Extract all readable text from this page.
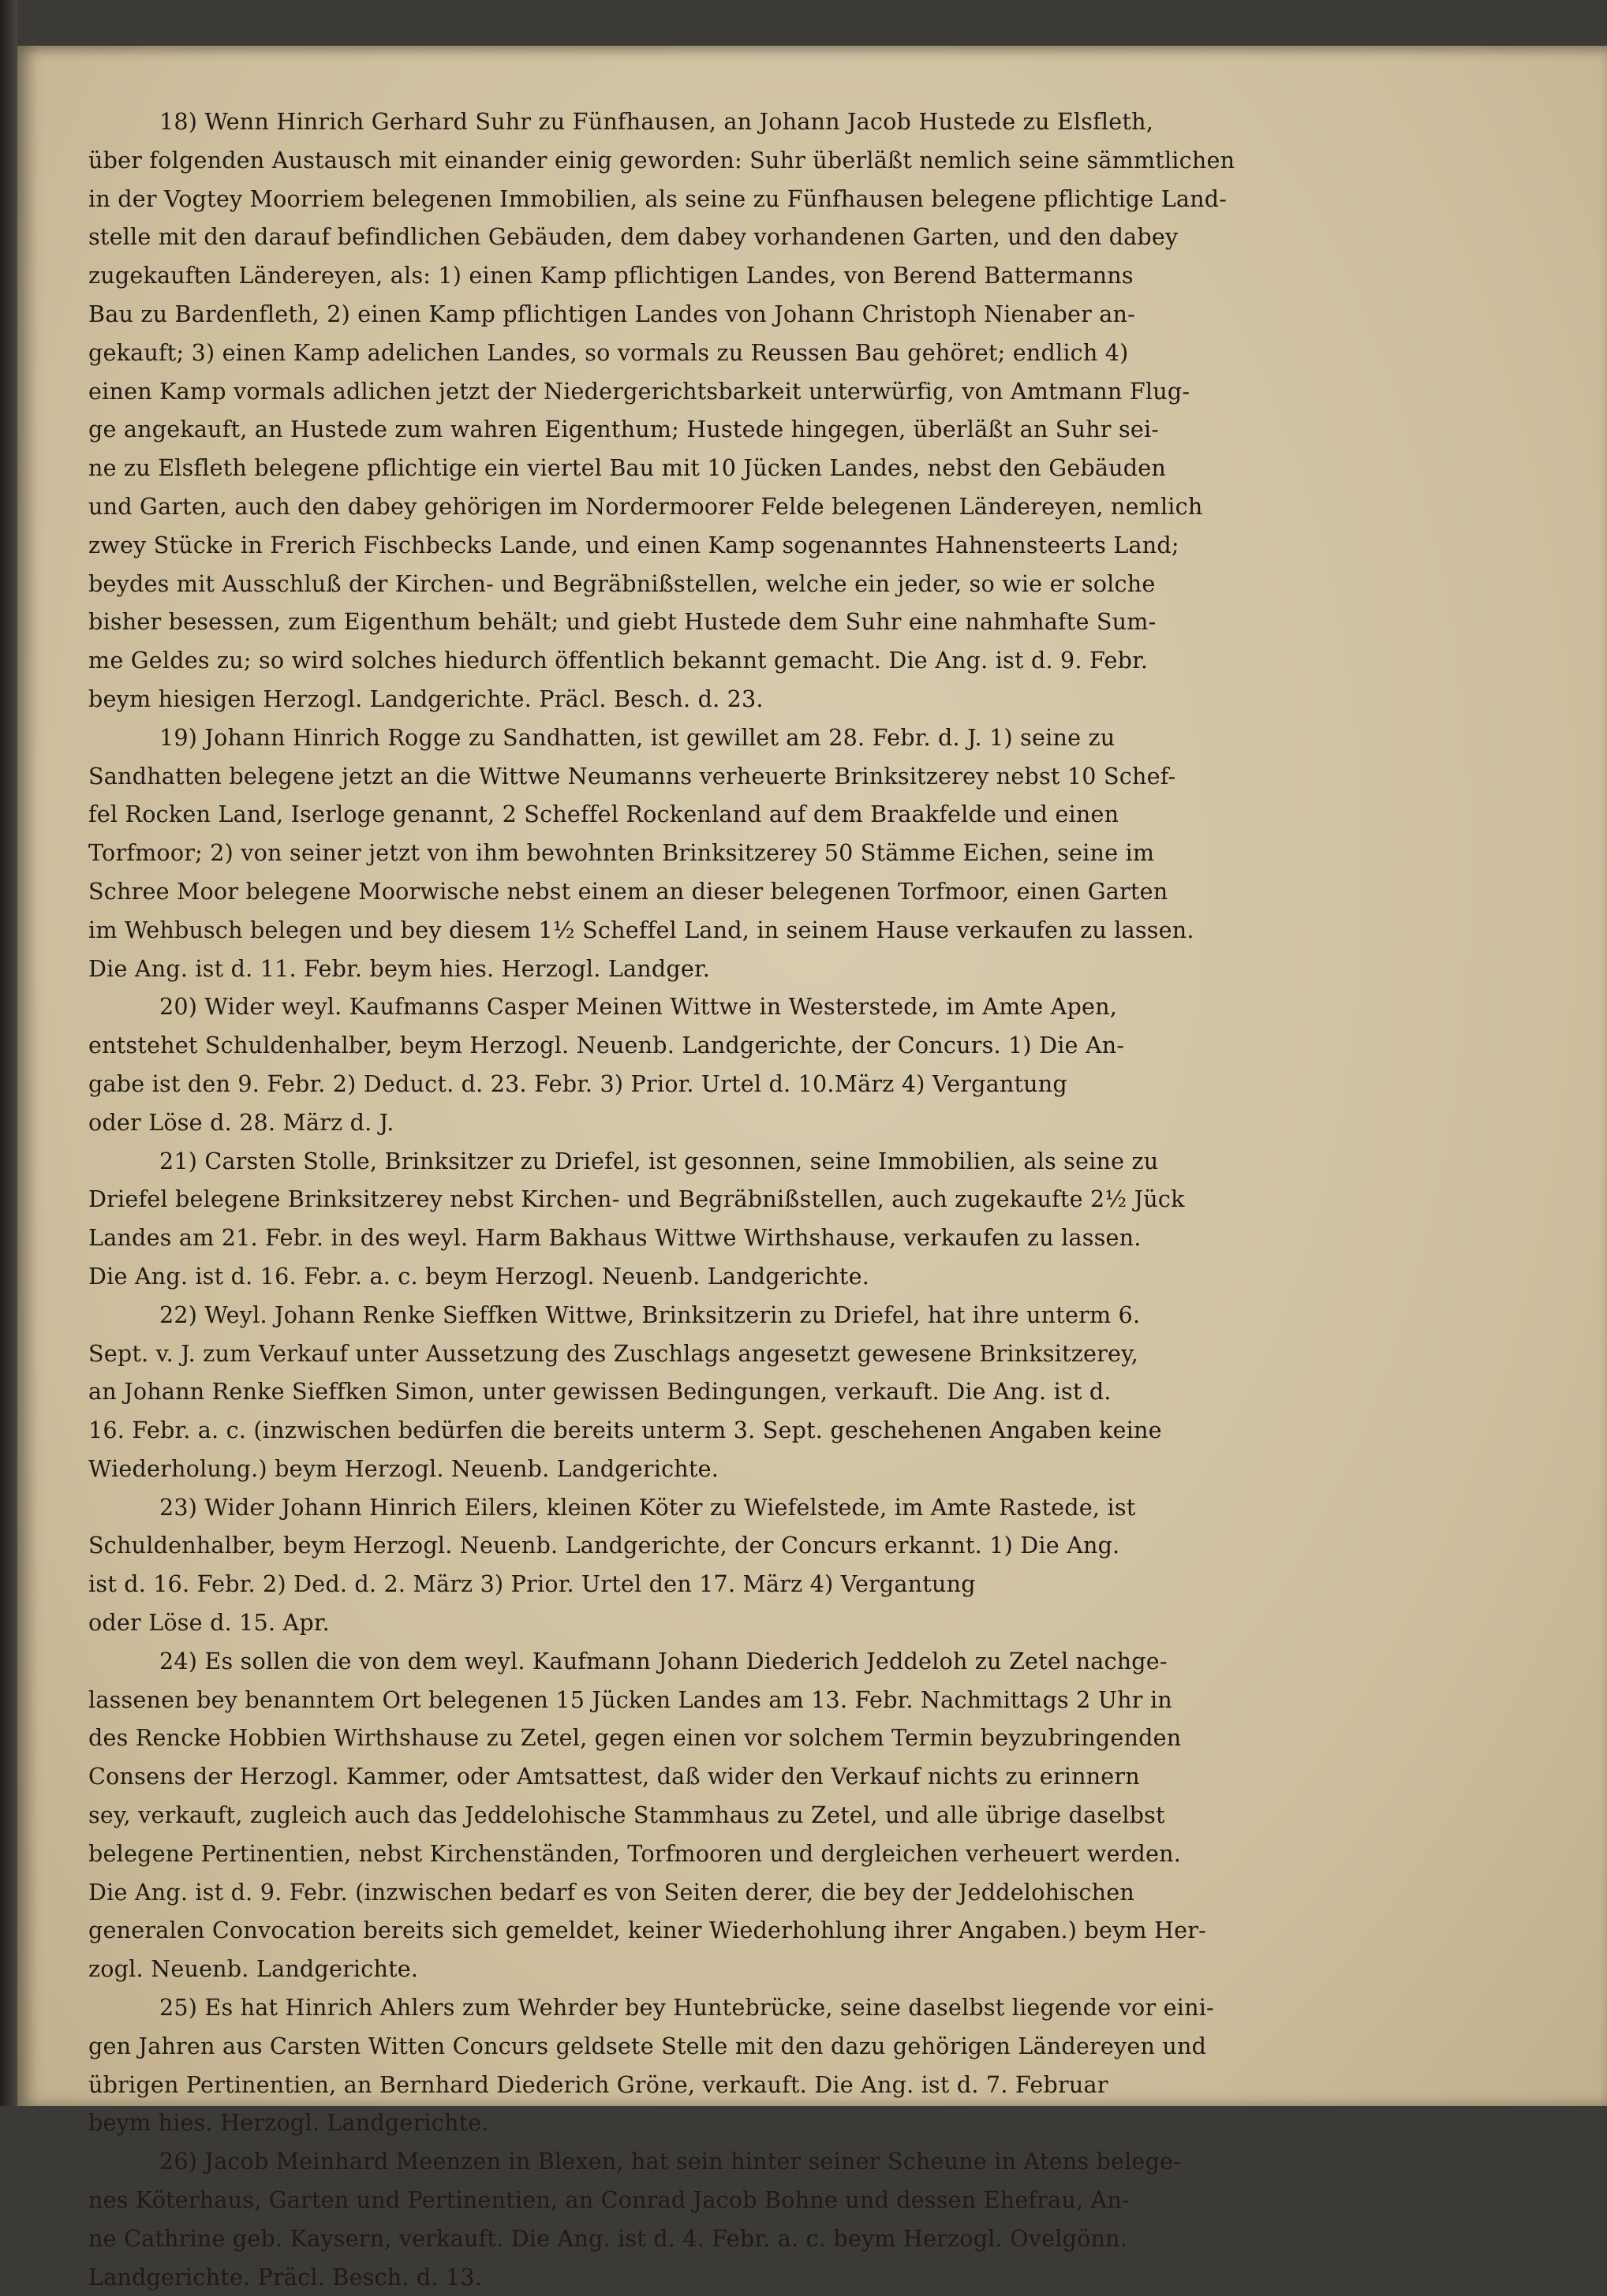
18) Wenn Hinrich Gerhard Suhr zu Fünfhausen, an Johann Jacob Hustede zu Elsfleth,
über folgenden Austausch mit einander einig geworden: Suhr überläßt nemlich seine sämmtlichen
in der Vogtey Moorriem belegenen Immobilien, als seine zu Fünfhausen belegene pflichtige Land-
stelle mit den darauf befindlichen Gebäuden, dem dabey vorhandenen Garten, und den dabey
zugekauften Ländereyen, als: 1) einen Kamp pflichtigen Landes, von Berend Battermanns
Bau zu Bardenfleth, 2) einen Kamp pflichtigen Landes von Johann Christoph Nienaber an-
gekauft; 3) einen Kamp adelichen Landes, so vormals zu Reussen Bau gehöret; endlich 4)
einen Kamp vormals adlichen jetzt der Niedergerichtsbarkeit unterwürfig, von Amtmann Flug-
ge angekauft, an Hustede zum wahren Eigenthum; Hustede hingegen, überläßt an Suhr sei-
ne zu Elsfleth belegene pflichtige ein viertel Bau mit 10 Jücken Landes, nebst den Gebäuden
und Garten, auch den dabey gehörigen im Nordermoorer Felde belegenen Ländereyen, nemlich
zwey Stücke in Frerich Fischbecks Lande, und einen Kamp sogenanntes Hahnensteerts Land;
beydes mit Ausschluß der Kirchen- und Begräbnißstellen, welche ein jeder, so wie er solche
bisher besessen, zum Eigenthum behält; und giebt Hustede dem Suhr eine nahmhafte Sum-
me Geldes zu; so wird solches hiedurch öffentlich bekannt gemacht. Die Ang. ist d. 9. Febr.
beym hiesigen Herzogl. Landgerichte. Präcl. Besch. d. 23.
19) Johann Hinrich Rogge zu Sandhatten, ist gewillet am 28. Febr. d. J. 1) seine zu
Sandhatten belegene jetzt an die Wittwe Neumanns verheuerte Brinksitzerey nebst 10 Schef-
fel Rocken Land, Iserloge genannt, 2 Scheffel Rockenland auf dem Braakfelde und einen
Torfmoor; 2) von seiner jetzt von ihm bewohnten Brinksitzerey 50 Stämme Eichen, seine im
Schree Moor belegene Moorwische nebst einem an dieser belegenen Torfmoor, einen Garten
im Wehbusch belegen und bey diesem 1½ Scheffel Land, in seinem Hause verkaufen zu lassen.
Die Ang. ist d. 11. Febr. beym hies. Herzogl. Landger.
20) Wider weyl. Kaufmanns Casper Meinen Wittwe in Westerstede, im Amte Apen,
entstehet Schuldenhalber, beym Herzogl. Neuenb. Landgerichte, der Concurs. 1) Die An-
gabe ist den 9. Febr. 2) Deduct. d. 23. Febr. 3) Prior. Urtel d. 10.März 4) Vergantung
oder Löse d. 28. März d. J.
21) Carsten Stolle, Brinksitzer zu Driefel, ist gesonnen, seine Immobilien, als seine zu
Driefel belegene Brinksitzerey nebst Kirchen- und Begräbnißstellen, auch zugekaufte 2½ Jück
Landes am 21. Febr. in des weyl. Harm Bakhaus Wittwe Wirthshause, verkaufen zu lassen.
Die Ang. ist d. 16. Febr. a. c. beym Herzogl. Neuenb. Landgerichte.
22) Weyl. Johann Renke Sieffken Wittwe, Brinksitzerin zu Driefel, hat ihre unterm 6.
Sept. v. J. zum Verkauf unter Aussetzung des Zuschlags angesetzt gewesene Brinksitzerey,
an Johann Renke Sieffken Simon, unter gewissen Bedingungen, verkauft. Die Ang. ist d.
16. Febr. a. c. (inzwischen bedürfen die bereits unterm 3. Sept. geschehenen Angaben keine
Wiederholung.) beym Herzogl. Neuenb. Landgerichte.
23) Wider Johann Hinrich Eilers, kleinen Köter zu Wiefelstede, im Amte Rastede, ist
Schuldenhalber, beym Herzogl. Neuenb. Landgerichte, der Concurs erkannt. 1) Die Ang.
ist d. 16. Febr. 2) Ded. d. 2. März 3) Prior. Urtel den 17. März 4) Vergantung
oder Löse d. 15. Apr.
24) Es sollen die von dem weyl. Kaufmann Johann Diederich Jeddeloh zu Zetel nachge-
lassenen bey benanntem Ort belegenen 15 Jücken Landes am 13. Febr. Nachmittags 2 Uhr in
des Rencke Hobbien Wirthshause zu Zetel, gegen einen vor solchem Termin beyzubringenden
Consens der Herzogl. Kammer, oder Amtsattest, daß wider den Verkauf nichts zu erinnern
sey, verkauft, zugleich auch das Jeddelohische Stammhaus zu Zetel, und alle übrige daselbst
belegene Pertinentien, nebst Kirchenständen, Torfmooren und dergleichen verheuert werden.
Die Ang. ist d. 9. Febr. (inzwischen bedarf es von Seiten derer, die bey der Jeddelohischen
generalen Convocation bereits sich gemeldet, keiner Wiederhohlung ihrer Angaben.) beym Her-
zogl. Neuenb. Landgerichte.
25) Es hat Hinrich Ahlers zum Wehrder bey Huntebrücke, seine daselbst liegende vor eini-
gen Jahren aus Carsten Witten Concurs geldsete Stelle mit den dazu gehörigen Ländereyen und
übrigen Pertinentien, an Bernhard Diederich Gröne, verkauft. Die Ang. ist d. 7. Februar
beym hies. Herzogl. Landgerichte.
26) Jacob Meinhard Meenzen in Blexen, hat sein hinter seiner Scheune in Atens belege-
nes Köterhaus, Garten und Pertinentien, an Conrad Jacob Bohne und dessen Ehefrau, An-
ne Cathrine geb. Kaysern, verkauft. Die Ang. ist d. 4. Febr. a. c. beym Herzogl. Ovelgönn.
Landgerichte. Präcl. Besch. d. 13.
